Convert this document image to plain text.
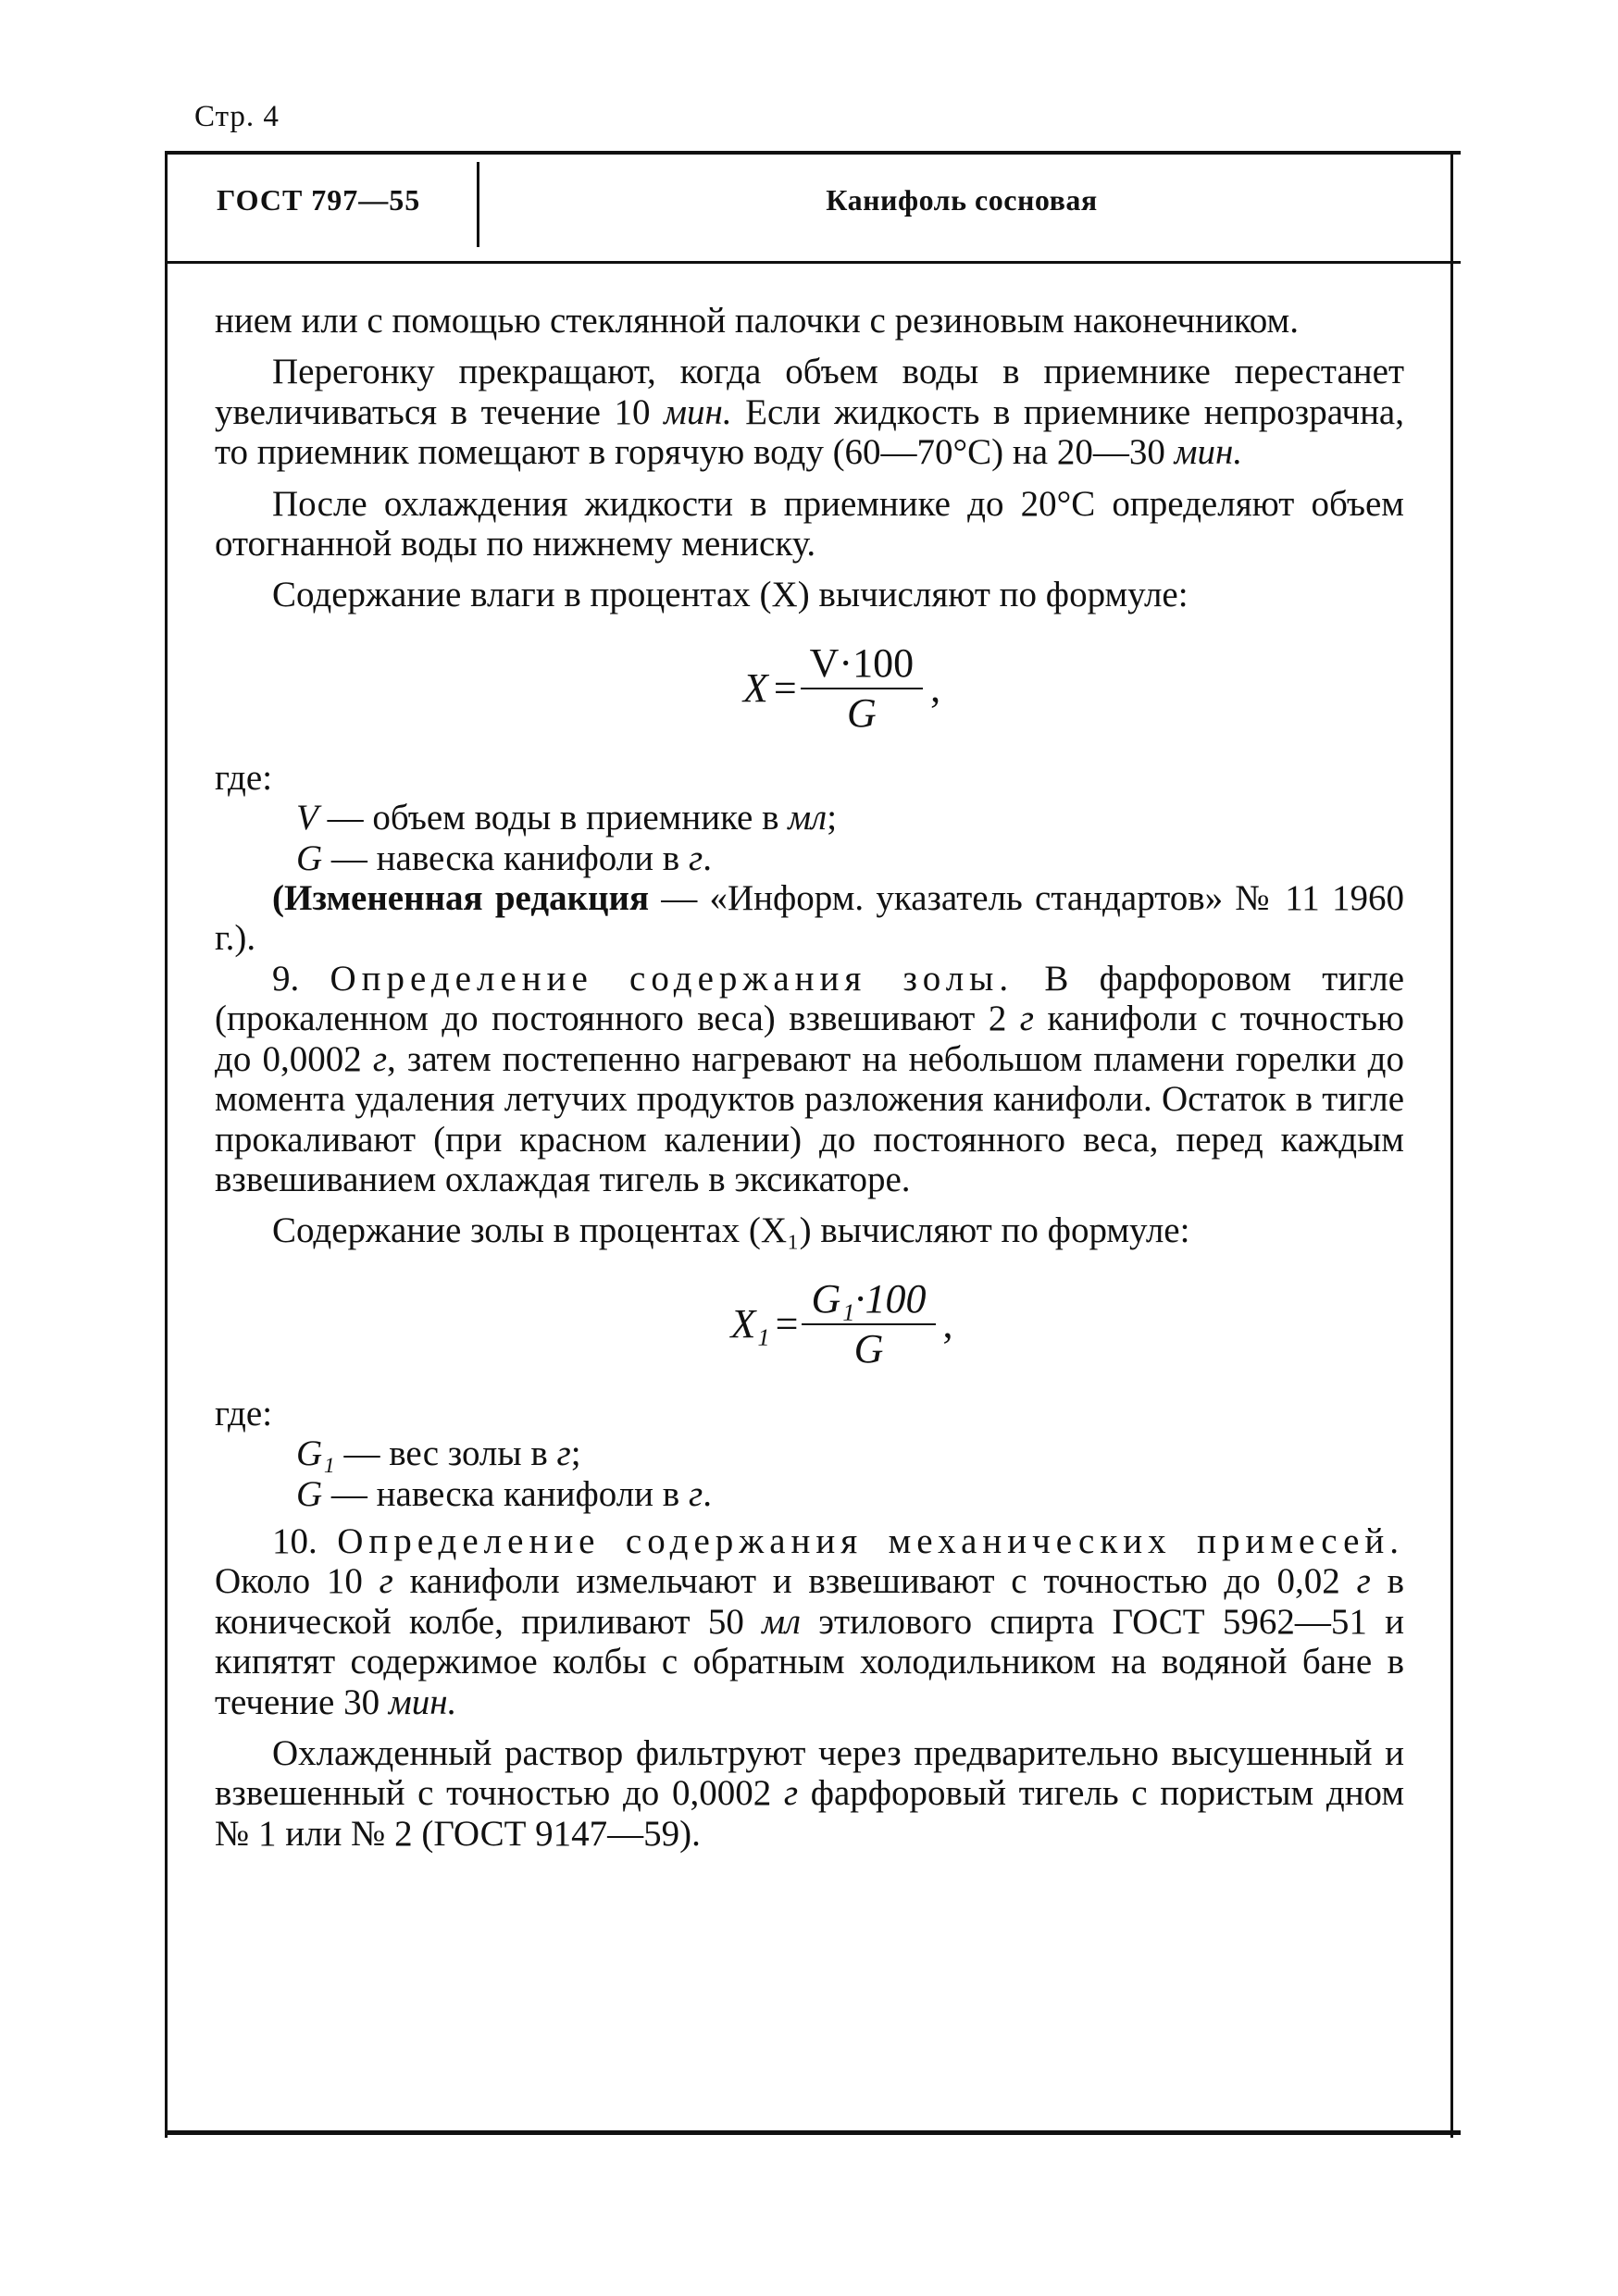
Стр. 4
ГОСТ 797—55	Канифоль сосновая

нием или с помощью стеклянной палочки с резиновым наконечником.

Перегонку прекращают, когда объем воды в приемнике перестанет увеличиваться в течение 10 мин. Если жидкость в приемнике непрозрачна, то приемник помещают в горячую воду (60—70°С) на 20—30 мин.

После охлаждения жидкости в приемнике до 20°С определяют объем отогнанной воды по нижнему мениску.

Содержание влаги в процентах (X) вычисляют по формуле:

$X = \frac{V\cdot 100}{G}$ ,

где:

V — объем воды в приемнике в мл;

G — навеска канифоли в г.

(Измененная редакция — «Информ. указатель стандартов» № 11 1960 г.).

9. Определение содержания золы. В фарфоровом тигле (прокаленном до постоянного веса) взвешивают 2 г канифоли с точностью до 0,0002 г, затем постепенно нагревают на небольшом пламени горелки до момента удаления летучих продуктов разложения канифоли. Остаток в тигле прокаливают (при красном калении) до постоянного веса, перед каждым взвешиванием охлаждая тигель в эксикаторе.

Содержание золы в процентах (X₁) вычисляют по формуле:

$X_1 = \frac{\text{G₁·100}}{G}$ ,

где:

G₁ — вес золы в г;

G — навеска канифоли в г.

10. Определение содержания механических примесей. Около 10 г канифоли измельчают и взвешивают с точностью до 0,02 г в конической колбе, приливают 50 мл этилового спирта ГОСТ 5962—51 и кипятят содержимое колбы с обратным холодильником на водяной бане в течение 30 мин.

Охлажденный раствор фильтруют через предварительно высушенный и взвешенный с точностью до 0,0002 г фарфоровый тигель с пористым дном № 1 или № 2 (ГОСТ 9147—59).
